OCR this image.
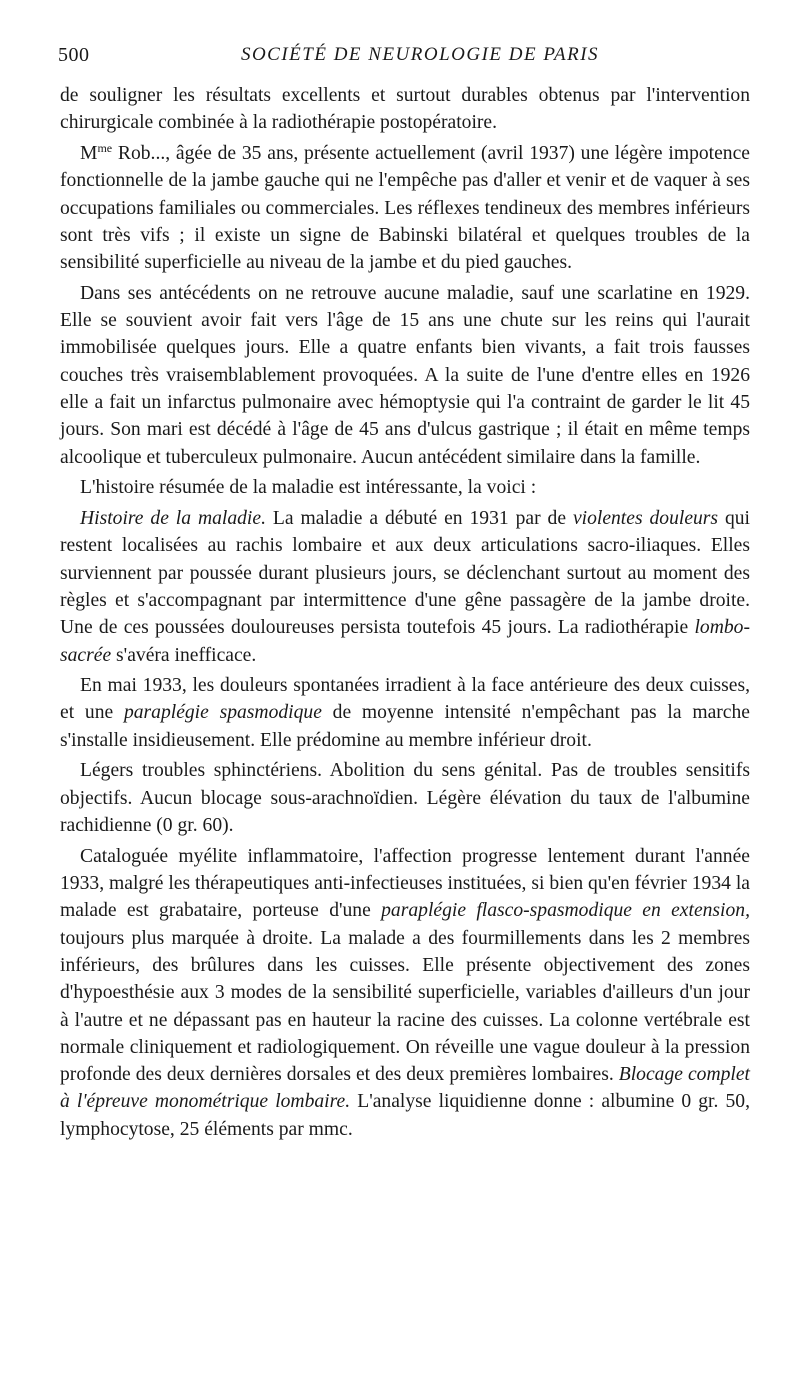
500	SOCIÉTÉ DE NEUROLOGIE DE PARIS

de souligner les résultats excellents et surtout durables obtenus par l'intervention chirurgicale combinée à la radiothérapie postopératoire.

$M^{me}$ Rob..., âgée de 35 ans, présente actuellement (avril 1937) une légère impotence fonctionnelle de la jambe gauche qui ne l'empêche pas d'aller et venir et de vaquer à ses occupations familiales ou commerciales. Les réflexes tendineux des membres inférieurs sont très vifs ; il existe un signe de Babinski bilatéral et quelques troubles de la sensibilité superficielle au niveau de la jambe et du pied gauches.

Dans ses antécédents on ne retrouve aucune maladie, sauf une scarlatine en 1929. Elle se souvient avoir fait vers l'âge de 15 ans une chute sur les reins qui l'aurait immobilisée quelques jours. Elle a quatre enfants bien vivants, a fait trois fausses couches très vraisemblablement provoquées. A la suite de l'une d'entre elles en 1926 elle a fait un infarctus pulmonaire avec hémoptysie qui l'a contraint de garder le lit 45 jours. Son mari est décédé à l'âge de 45 ans d'ulcus gastrique ; il était en même temps alcoolique et tuberculeux pulmonaire. Aucun antécédent similaire dans la famille.

L'histoire résumée de la maladie est intéressante, la voici :

Histoire de la maladie. La maladie a débuté en 1931 par de violentes douleurs qui restent localisées au rachis lombaire et aux deux articulations sacro-iliaques. Elles surviennent par poussée durant plusieurs jours, se déclenchant surtout au moment des règles et s'accompagnant par intermittence d'une gêne passagère de la jambe droite. Une de ces poussées douloureuses persista toutefois 45 jours. La radiothérapie lombo-sacrée s'avéra inefficace.

En mai 1933, les douleurs spontanées irradient à la face antérieure des deux cuisses, et une paraplégie spasmodique de moyenne intensité n'empêchant pas la marche s'installe insidieusement. Elle prédomine au membre inférieur droit.

Légers troubles sphinctériens. Abolition du sens génital. Pas de troubles sensitifs objectifs. Aucun blocage sous-arachnoïdien. Légère élévation du taux de l'albumine rachidienne (0 gr. 60).

Cataloguée myélite inflammatoire, l'affection progresse lentement durant l'année 1933, malgré les thérapeutiques anti-infectieuses instituées, si bien qu'en février 1934 la malade est grabataire, porteuse d'une paraplégie flasco-spasmodique en extension, toujours plus marquée à droite. La malade a des fourmillements dans les 2 membres inférieurs, des brûlures dans les cuisses. Elle présente objectivement des zones d'hypoesthésie aux 3 modes de la sensibilité superficielle, variables d'ailleurs d'un jour à l'autre et ne dépassant pas en hauteur la racine des cuisses. La colonne vertébrale est normale cliniquement et radiologiquement. On réveille une vague douleur à la pression profonde des deux dernières dorsales et des deux premières lombaires. Blocage complet à l'épreuve monométrique lombaire. L'analyse liquidienne donne : albumine 0 gr. 50, lymphocytose, 25 éléments par mmc.
